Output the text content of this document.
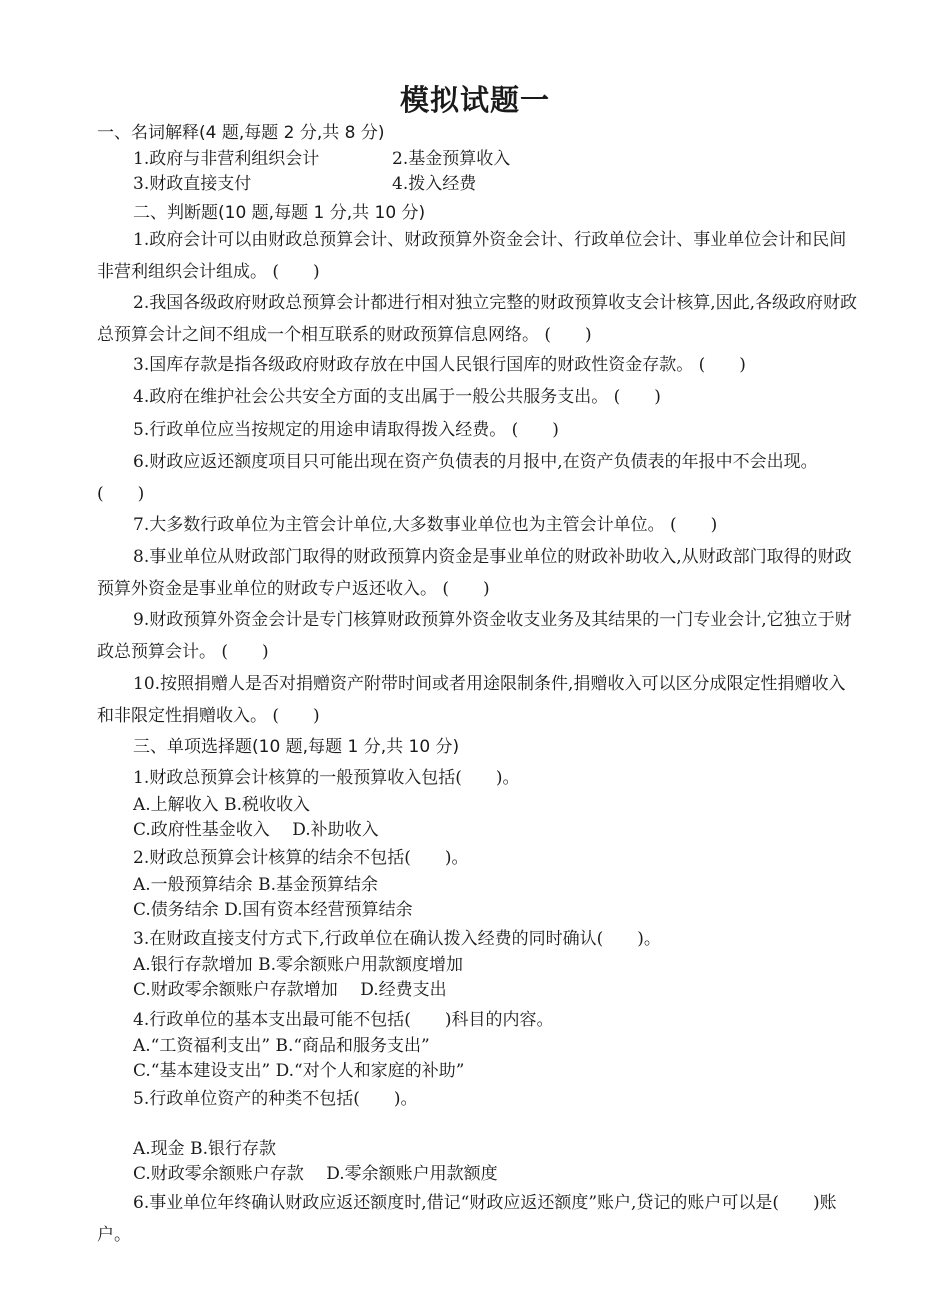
模拟试题一
一、名词解释(4 题,每题 2 分,共 8 分)
1.政府与非营利组织会计	2.基金预算收入
3.财政直接支付	4.拨入经费
二、判断题(10 题,每题 1 分,共 10 分)
1.政府会计可以由财政总预算会计、财政预算外资金会计、行政单位会计、事业单位会计和民间非营利组织会计组成。 (　　)
2.我国各级政府财政总预算会计都进行相对独立完整的财政预算收支会计核算,因此,各级政府财政总预算会计之间不组成一个相互联系的财政预算信息网络。 (　　)
3.国库存款是指各级政府财政存放在中国人民银行国库的财政性资金存款。 (　　)
4.政府在维护社会公共安全方面的支出属于一般公共服务支出。 (　　)
5.行政单位应当按规定的用途申请取得拨入经费。 (　　)
6.财政应返还额度项目只可能出现在资产负债表的月报中,在资产负债表的年报中不会出现。 (　　)
7.大多数行政单位为主管会计单位,大多数事业单位也为主管会计单位。 (　　)
8.事业单位从财政部门取得的财政预算内资金是事业单位的财政补助收入,从财政部门取得的财政预算外资金是事业单位的财政专户返还收入。 (　　)
9.财政预算外资金会计是专门核算财政预算外资金收支业务及其结果的一门专业会计,它独立于财政总预算会计。 (　　)
10.按照捐赠人是否对捐赠资产附带时间或者用途限制条件,捐赠收入可以区分成限定性捐赠收入和非限定性捐赠收入。 (　　)
三、单项选择题(10 题,每题 1 分,共 10 分)
1.财政总预算会计核算的一般预算收入包括(　　)。
A.上解收入 B.税收收入
C.政府性基金收入　 D.补助收入
2.财政总预算会计核算的结余不包括(　　)。
A.一般预算结余 B.基金预算结余
C.债务结余 D.国有资本经营预算结余
3.在财政直接支付方式下,行政单位在确认拨入经费的同时确认(　　)。
A.银行存款增加 B.零余额账户用款额度增加
C.财政零余额账户存款增加　 D.经费支出
4.行政单位的基本支出最可能不包括(　　)科目的内容。
A.“工资福利支出” B.“商品和服务支出”
C.“基本建设支出” D.“对个人和家庭的补助”
5.行政单位资产的种类不包括(　　)。
A.现金 B.银行存款
C.财政零余额账户存款　 D.零余额账户用款额度
6.事业单位年终确认财政应返还额度时,借记“财政应返还额度”账户,贷记的账户可以是(　　)账户。
